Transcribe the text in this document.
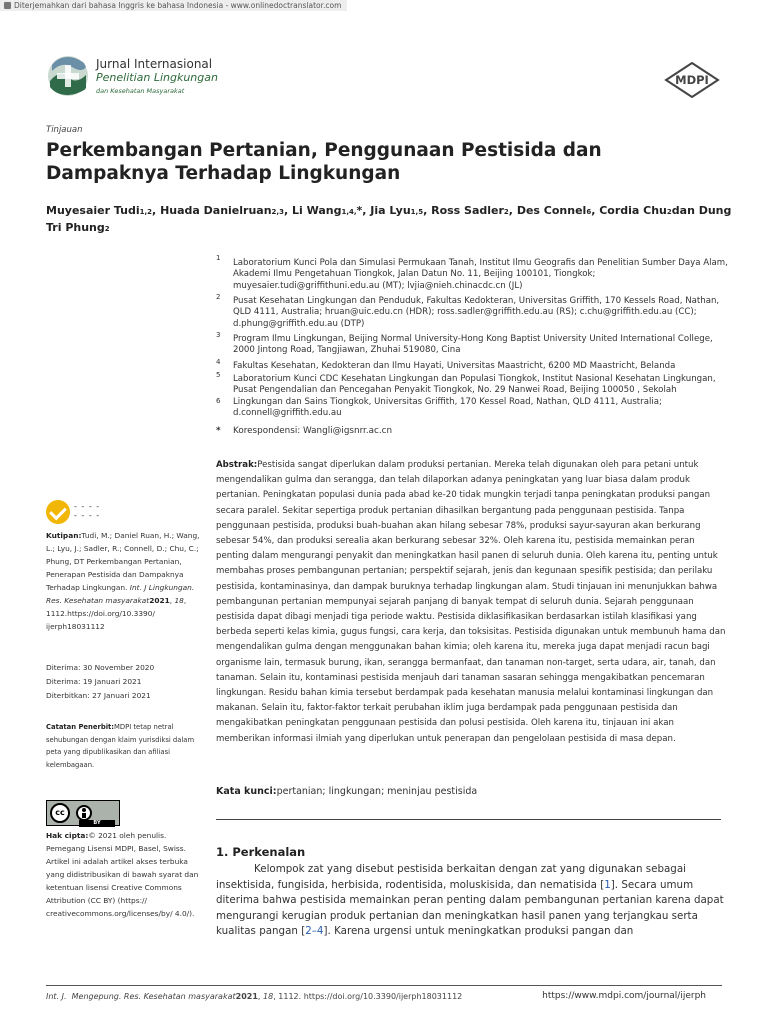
Diterjemahkan dari bahasa Inggris ke bahasa Indonesia - www.onlinedoctranslator.com
Jurnal Internasional
Penelitian Lingkungan
dan Kesehatan Masyarakat
MDPI
Tinjauan
Perkembangan Pertanian, Penggunaan Pestisida dan Dampaknya Terhadap Lingkungan
Muyesaier Tudi1,2, Huada Danielruan2,3, Li Wang1,4,*, Jia Lyu1,5, Ross Sadler2, Des Connel6, Cordia Chu2dan Dung Tri Phung2
1 Laboratorium Kunci Pola dan Simulasi Permukaan Tanah, Institut Ilmu Geografis dan Penelitian Sumber Daya Alam, Akademi Ilmu Pengetahuan Tiongkok, Jalan Datun No. 11, Beijing 100101, Tiongkok; muyesaier.tudi@griffithuni.edu.au (MT); lvjia@nieh.chinacdc.cn (JL)
2 Pusat Kesehatan Lingkungan dan Penduduk, Fakultas Kedokteran, Universitas Griffith, 170 Kessels Road, Nathan, QLD 4111, Australia; hruan@uic.edu.cn (HDR); ross.sadler@griffith.edu.au (RS); c.chu@griffith.edu.au (CC); d.phung@griffith.edu.au (DTP)
3 Program Ilmu Lingkungan, Beijing Normal University-Hong Kong Baptist University United International College, 2000 Jintong Road, Tangjiawan, Zhuhai 519080, Cina
4 Fakultas Kesehatan, Kedokteran dan Ilmu Hayati, Universitas Maastricht, 6200 MD Maastricht, Belanda
5 Laboratorium Kunci CDC Kesehatan Lingkungan dan Populasi Tiongkok, Institut Nasional Kesehatan Lingkungan, Pusat Pengendalian dan Pencegahan Penyakit Tiongkok, No. 29 Nanwei Road, Beijing 100050 , Sekolah Lingkungan dan Sains Tiongkok, Universitas Griffith, 170 Kessel Road, Nathan, QLD 4111, Australia; d.connell@griffith.edu.au
6
* Korespondensi: Wangli@igsnrr.ac.cn
Abstrak:Pestisida sangat diperlukan dalam produksi pertanian. Mereka telah digunakan oleh para petani untuk mengendalikan gulma dan serangga, dan telah dilaporkan adanya peningkatan yang luar biasa dalam produk pertanian. Peningkatan populasi dunia pada abad ke-20 tidak mungkin terjadi tanpa peningkatan produksi pangan secara paralel. Sekitar sepertiga produk pertanian dihasilkan bergantung pada penggunaan pestisida. Tanpa penggunaan pestisida, produksi buah-buahan akan hilang sebesar 78%, produksi sayur-sayuran akan berkurang sebesar 54%, dan produksi serealia akan berkurang sebesar 32%. Oleh karena itu, pestisida memainkan peran penting dalam mengurangi penyakit dan meningkatkan hasil panen di seluruh dunia. Oleh karena itu, penting untuk membahas proses pembangunan pertanian; perspektif sejarah, jenis dan kegunaan spesifik pestisida; dan perilaku pestisida, kontaminasinya, dan dampak buruknya terhadap lingkungan alam. Studi tinjauan ini menunjukkan bahwa pembangunan pertanian mempunyai sejarah panjang di banyak tempat di seluruh dunia. Sejarah penggunaan pestisida dapat dibagi menjadi tiga periode waktu. Pestisida diklasifikasikan berdasarkan istilah klasifikasi yang berbeda seperti kelas kimia, gugus fungsi, cara kerja, dan toksisitas. Pestisida digunakan untuk membunuh hama dan mengendalikan gulma dengan menggunakan bahan kimia; oleh karena itu, mereka juga dapat menjadi racun bagi organisme lain, termasuk burung, ikan, serangga bermanfaat, dan tanaman non-target, serta udara, air, tanah, dan tanaman. Selain itu, kontaminasi pestisida menjauh dari tanaman sasaran sehingga mengakibatkan pencemaran lingkungan. Residu bahan kimia tersebut berdampak pada kesehatan manusia melalui kontaminasi lingkungan dan makanan. Selain itu, faktor-faktor terkait perubahan iklim juga berdampak pada penggunaan pestisida dan mengakibatkan peningkatan penggunaan pestisida dan polusi pestisida. Oleh karena itu, tinjauan ini akan memberikan informasi ilmiah yang diperlukan untuk penerapan dan pengelolaan pestisida di masa depan.
Kata kunci:pertanian; lingkungan; meninjau pestisida
1. Perkenalan

Kelompok zat yang disebut pestisida berkaitan dengan zat yang digunakan sebagai insektisida, fungisida, herbisida, rodentisida, moluskisida, dan nematisida [1]. Secara umum diterima bahwa pestisida memainkan peran penting dalam pembangunan pertanian karena dapat mengurangi kerugian produk pertanian dan meningkatkan hasil panen yang terjangkau serta kualitas pangan [2–4]. Karena urgensi untuk meningkatkan produksi pangan dan

- - - -
- - - -
Kutipan:Tudi, M.; Daniel Ruan, H.; Wang, L.; Lyu, J.; Sadler, R.; Connell, D.; Chu, C.; Phung, DT Perkembangan Pertanian, Penerapan Pestisida dan Dampaknya Terhadap Lingkungan. Int. J Lingkungan. Res. Kesehatan masyarakat2021, 18, 1112.https://doi.org/10.3390/ ijerph18031112
Diterima: 30 November 2020
Diterima: 19 Januari 2021
Diterbitkan: 27 Januari 2021
Catatan Penerbit:MDPI tetap netral sehubungan dengan klaim yurisdiksi dalam peta yang dipublikasikan dan afiliasi kelembagaan.
cc
BY
Hak cipta:© 2021 oleh penulis. Pemegang Lisensi MDPI, Basel, Swiss. Artikel ini adalah artikel akses terbuka yang didistribusikan di bawah syarat dan ketentuan lisensi Creative Commons Attribution (CC BY) (https:// creativecommons.org/licenses/by/ 4.0/).
Int. J. Mengepung. Res. Kesehatan masyarakat2021, 18, 1112. https://doi.org/10.3390/ijerph18031112	https://www.mdpi.com/journal/ijerph
